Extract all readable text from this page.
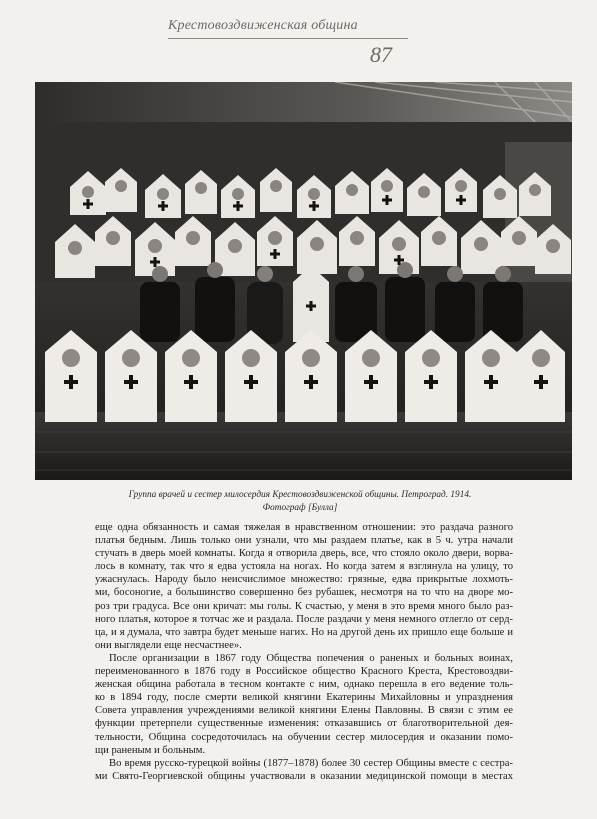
Крестовоздвиженская община
87
Группа врачей и сестер милосердия Крестовоздвиженской общины. Петроград. 1914.
Фотограф [Булла]
еще одна обязанность и самая тяжелая в нравственном отношении: это раздача разного
платья бедным. Лишь только они узнали, что мы раздаем платье, как в 5 ч. утра начали
стучать в дверь моей комнаты. Когда я отворила дверь, все, что стояло около двери, ворва-
лось в комнату, так что я едва устояла на ногах. Но когда затем я взглянула на улицу, то
ужаснулась. Народу было неисчислимое множество: грязные, едва прикрытые лохмоть-
ми, босоногие, а большинство совершенно без рубашек, несмотря на то что на дворе мо-
роз три градуса. Все они кричат: мы голы. К счастью, у меня в это время много было раз-
ного платья, которое я тотчас же и раздала. После раздачи у меня немного отлегло от серд-
ца, и я думала, что завтра будет меньше нагих. Но на другой день их пришло еще больше и
они выглядели еще несчастнее».
После организации в 1867 году Общества попечения о раненых и больных воинах,
переименованного в 1876 году в Российское общество Красного Креста, Крестовоздви-
женская община работала в тесном контакте с ним, однако перешла в его ведение толь-
ко в 1894 году, после смерти великой княгини Екатерины Михайловны и упразднения
Совета управления учреждениями великой княгини Елены Павловны. В связи с этим ее
функции претерпели существенные изменения: отказавшись от благотворительной дея-
тельности, Община сосредоточилась на обучении сестер милосердия и оказании помо-
щи раненым и больным.
Во время русско-турецкой войны (1877–1878) более 30 сестер Общины вместе с сестра-
ми Свято-Георгиевской общины участвовали в оказании медицинской помощи в местах
